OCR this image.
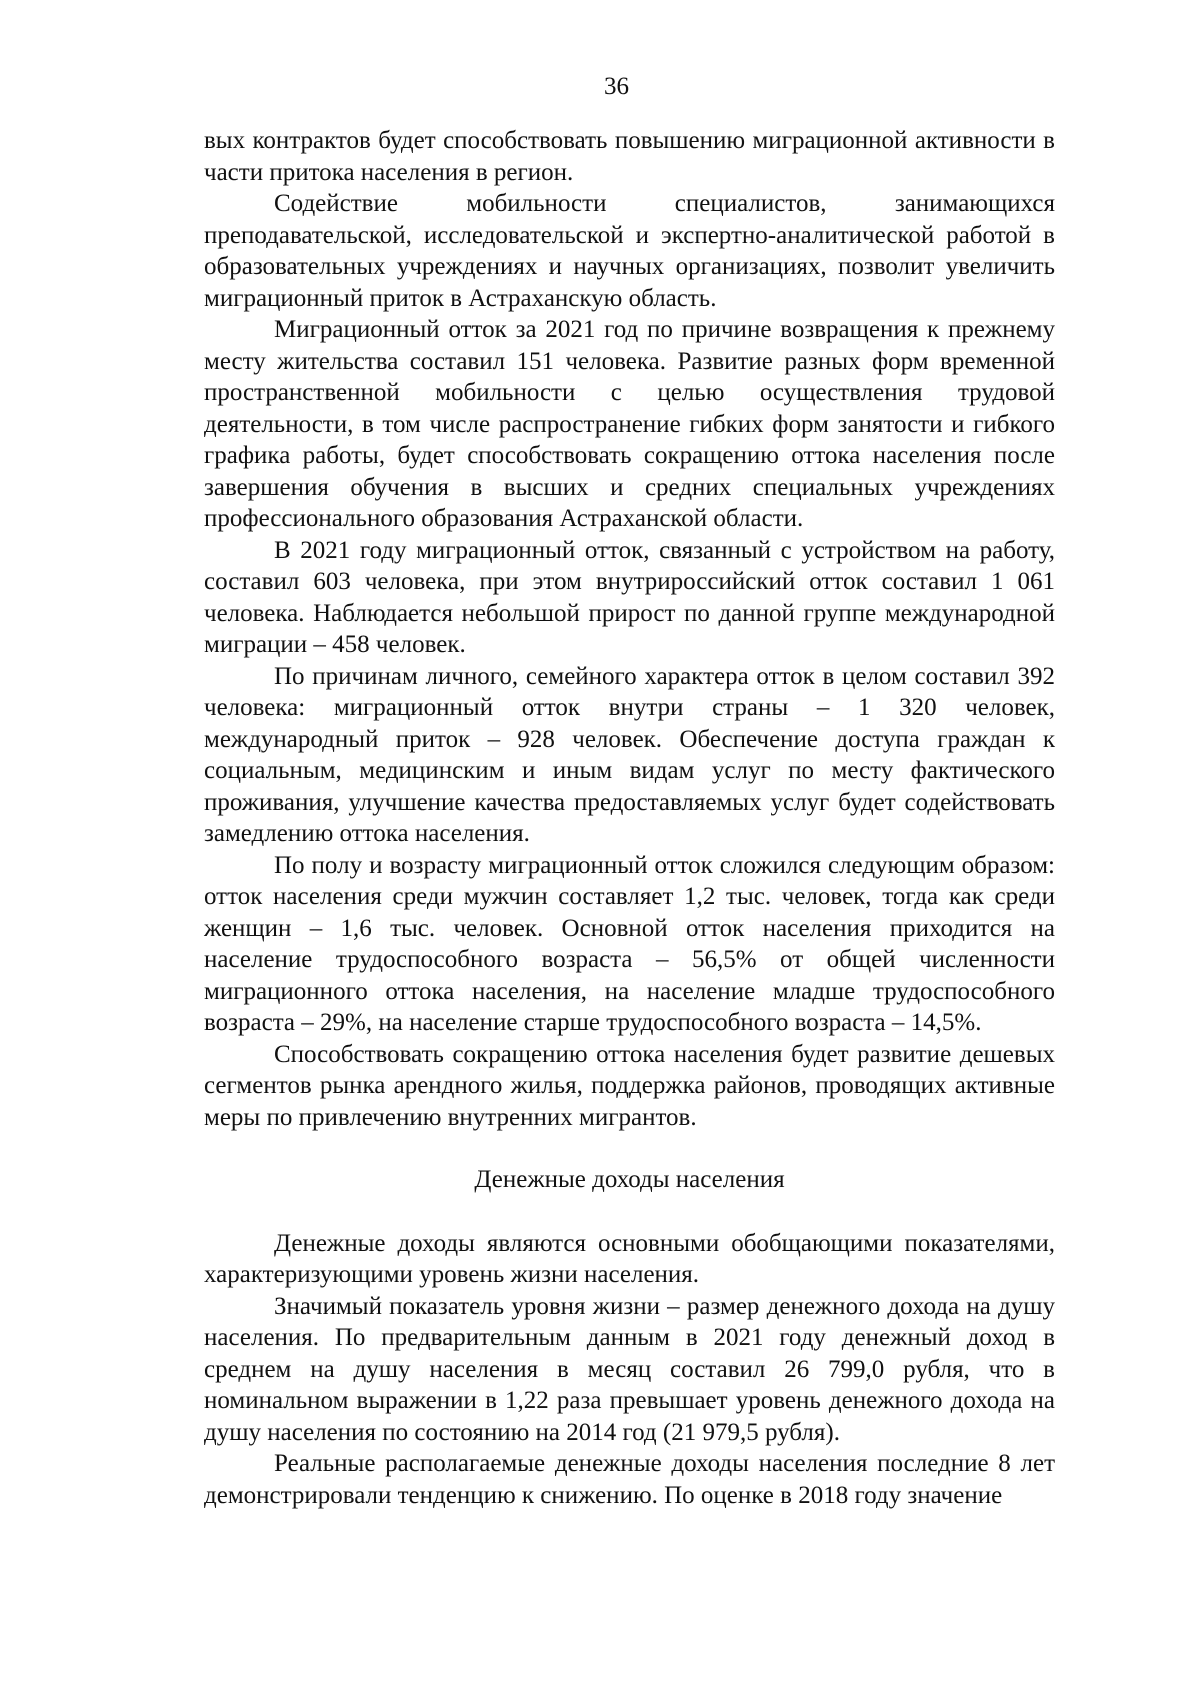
36

вых контрактов будет способствовать повышению миграционной активности в части притока населения в регион.

Содействие мобильности специалистов, занимающихся преподавательской, исследовательской и экспертно-аналитической работой в образовательных учреждениях и научных организациях, позволит увеличить миграционный приток в Астраханскую область.

Миграционный отток за 2021 год по причине возвращения к прежнему месту жительства составил 151 человека. Развитие разных форм временной пространственной мобильности с целью осуществления трудовой деятельности, в том числе распространение гибких форм занятости и гибкого графика работы, будет способствовать сокращению оттока населения после завершения обучения в высших и средних специальных учреждениях профессионального образования Астраханской области.

В 2021 году миграционный отток, связанный с устройством на работу, составил 603 человека, при этом внутрироссийский отток составил 1 061 человека. Наблюдается небольшой прирост по данной группе международной миграции – 458 человек.

По причинам личного, семейного характера отток в целом составил 392 человека: миграционный отток внутри страны – 1 320 человек, международный приток – 928 человек. Обеспечение доступа граждан к социальным, медицинским и иным видам услуг по месту фактического проживания, улучшение качества предоставляемых услуг будет содействовать замедлению оттока населения.

По полу и возрасту миграционный отток сложился следующим образом: отток населения среди мужчин составляет 1,2 тыс. человек, тогда как среди женщин – 1,6 тыс. человек. Основной отток населения приходится на население трудоспособного возраста – 56,5% от общей численности миграционного оттока населения, на население младше трудоспособного возраста – 29%, на население старше трудоспособного возраста – 14,5%.

Способствовать сокращению оттока населения будет развитие дешевых сегментов рынка арендного жилья, поддержка районов, проводящих активные меры по привлечению внутренних мигрантов.

Денежные доходы населения

Денежные доходы являются основными обобщающими показателями, характеризующими уровень жизни населения.

Значимый показатель уровня жизни – размер денежного дохода на душу населения. По предварительным данным в 2021 году денежный доход в среднем на душу населения в месяц составил 26 799,0 рубля, что в номинальном выражении в 1,22 раза превышает уровень денежного дохода на душу населения по состоянию на 2014 год (21 979,5 рубля).

Реальные располагаемые денежные доходы населения последние 8 лет демонстрировали тенденцию к снижению. По оценке в 2018 году значение
